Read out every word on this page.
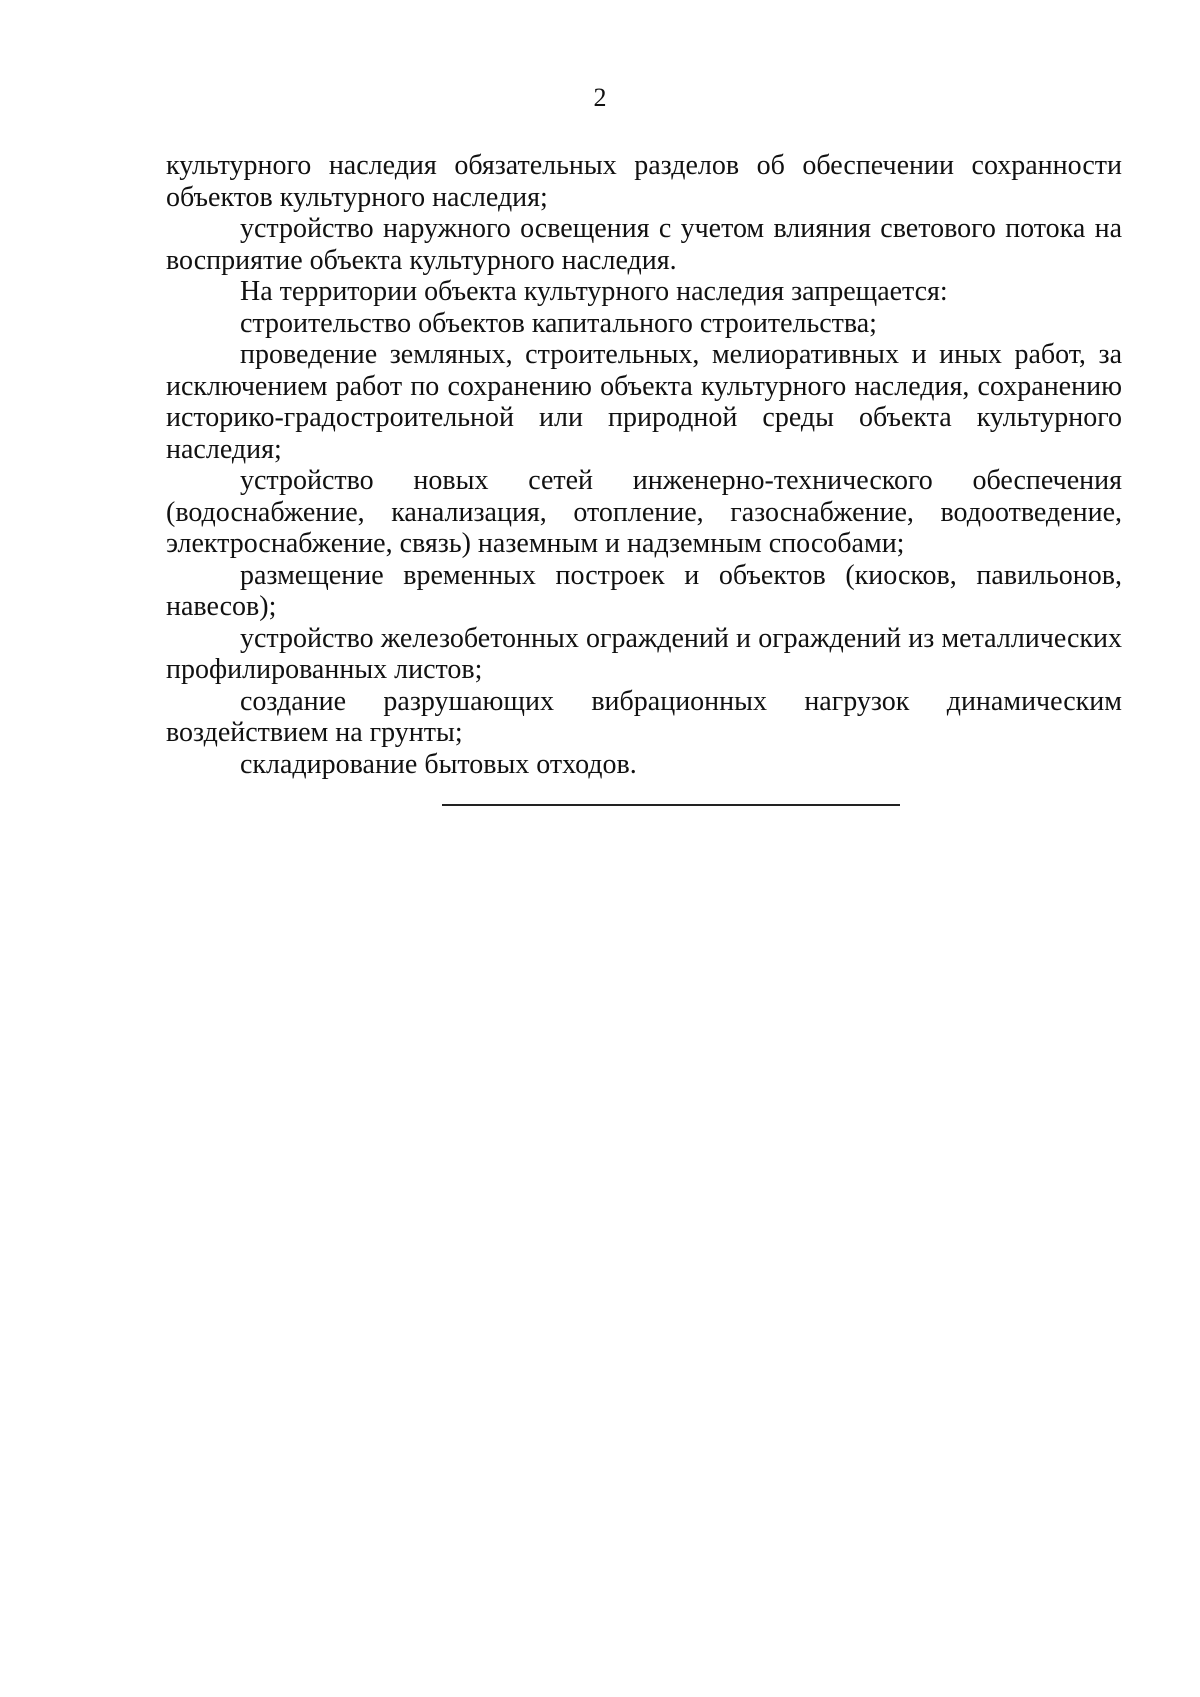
2

культурного наследия обязательных разделов об обеспечении сохранности объектов культурного наследия;

устройство наружного освещения с учетом влияния светового потока на восприятие объекта культурного наследия.

На территории объекта культурного наследия запрещается:

строительство объектов капитального строительства;

проведение земляных, строительных, мелиоративных и иных работ, за исключением работ по сохранению объекта культурного наследия, сохранению историко-градостроительной или природной среды объекта культурного наследия;

устройство новых сетей инженерно-технического обеспечения (водоснабжение, канализация, отопление, газоснабжение, водоотведение, электроснабжение, связь) наземным и надземным способами;

размещение временных построек и объектов (киосков, павильонов, навесов);

устройство железобетонных ограждений и ограждений из металлических профилированных листов;

создание разрушающих вибрационных нагрузок динамическим воздействием на грунты;

складирование бытовых отходов.
